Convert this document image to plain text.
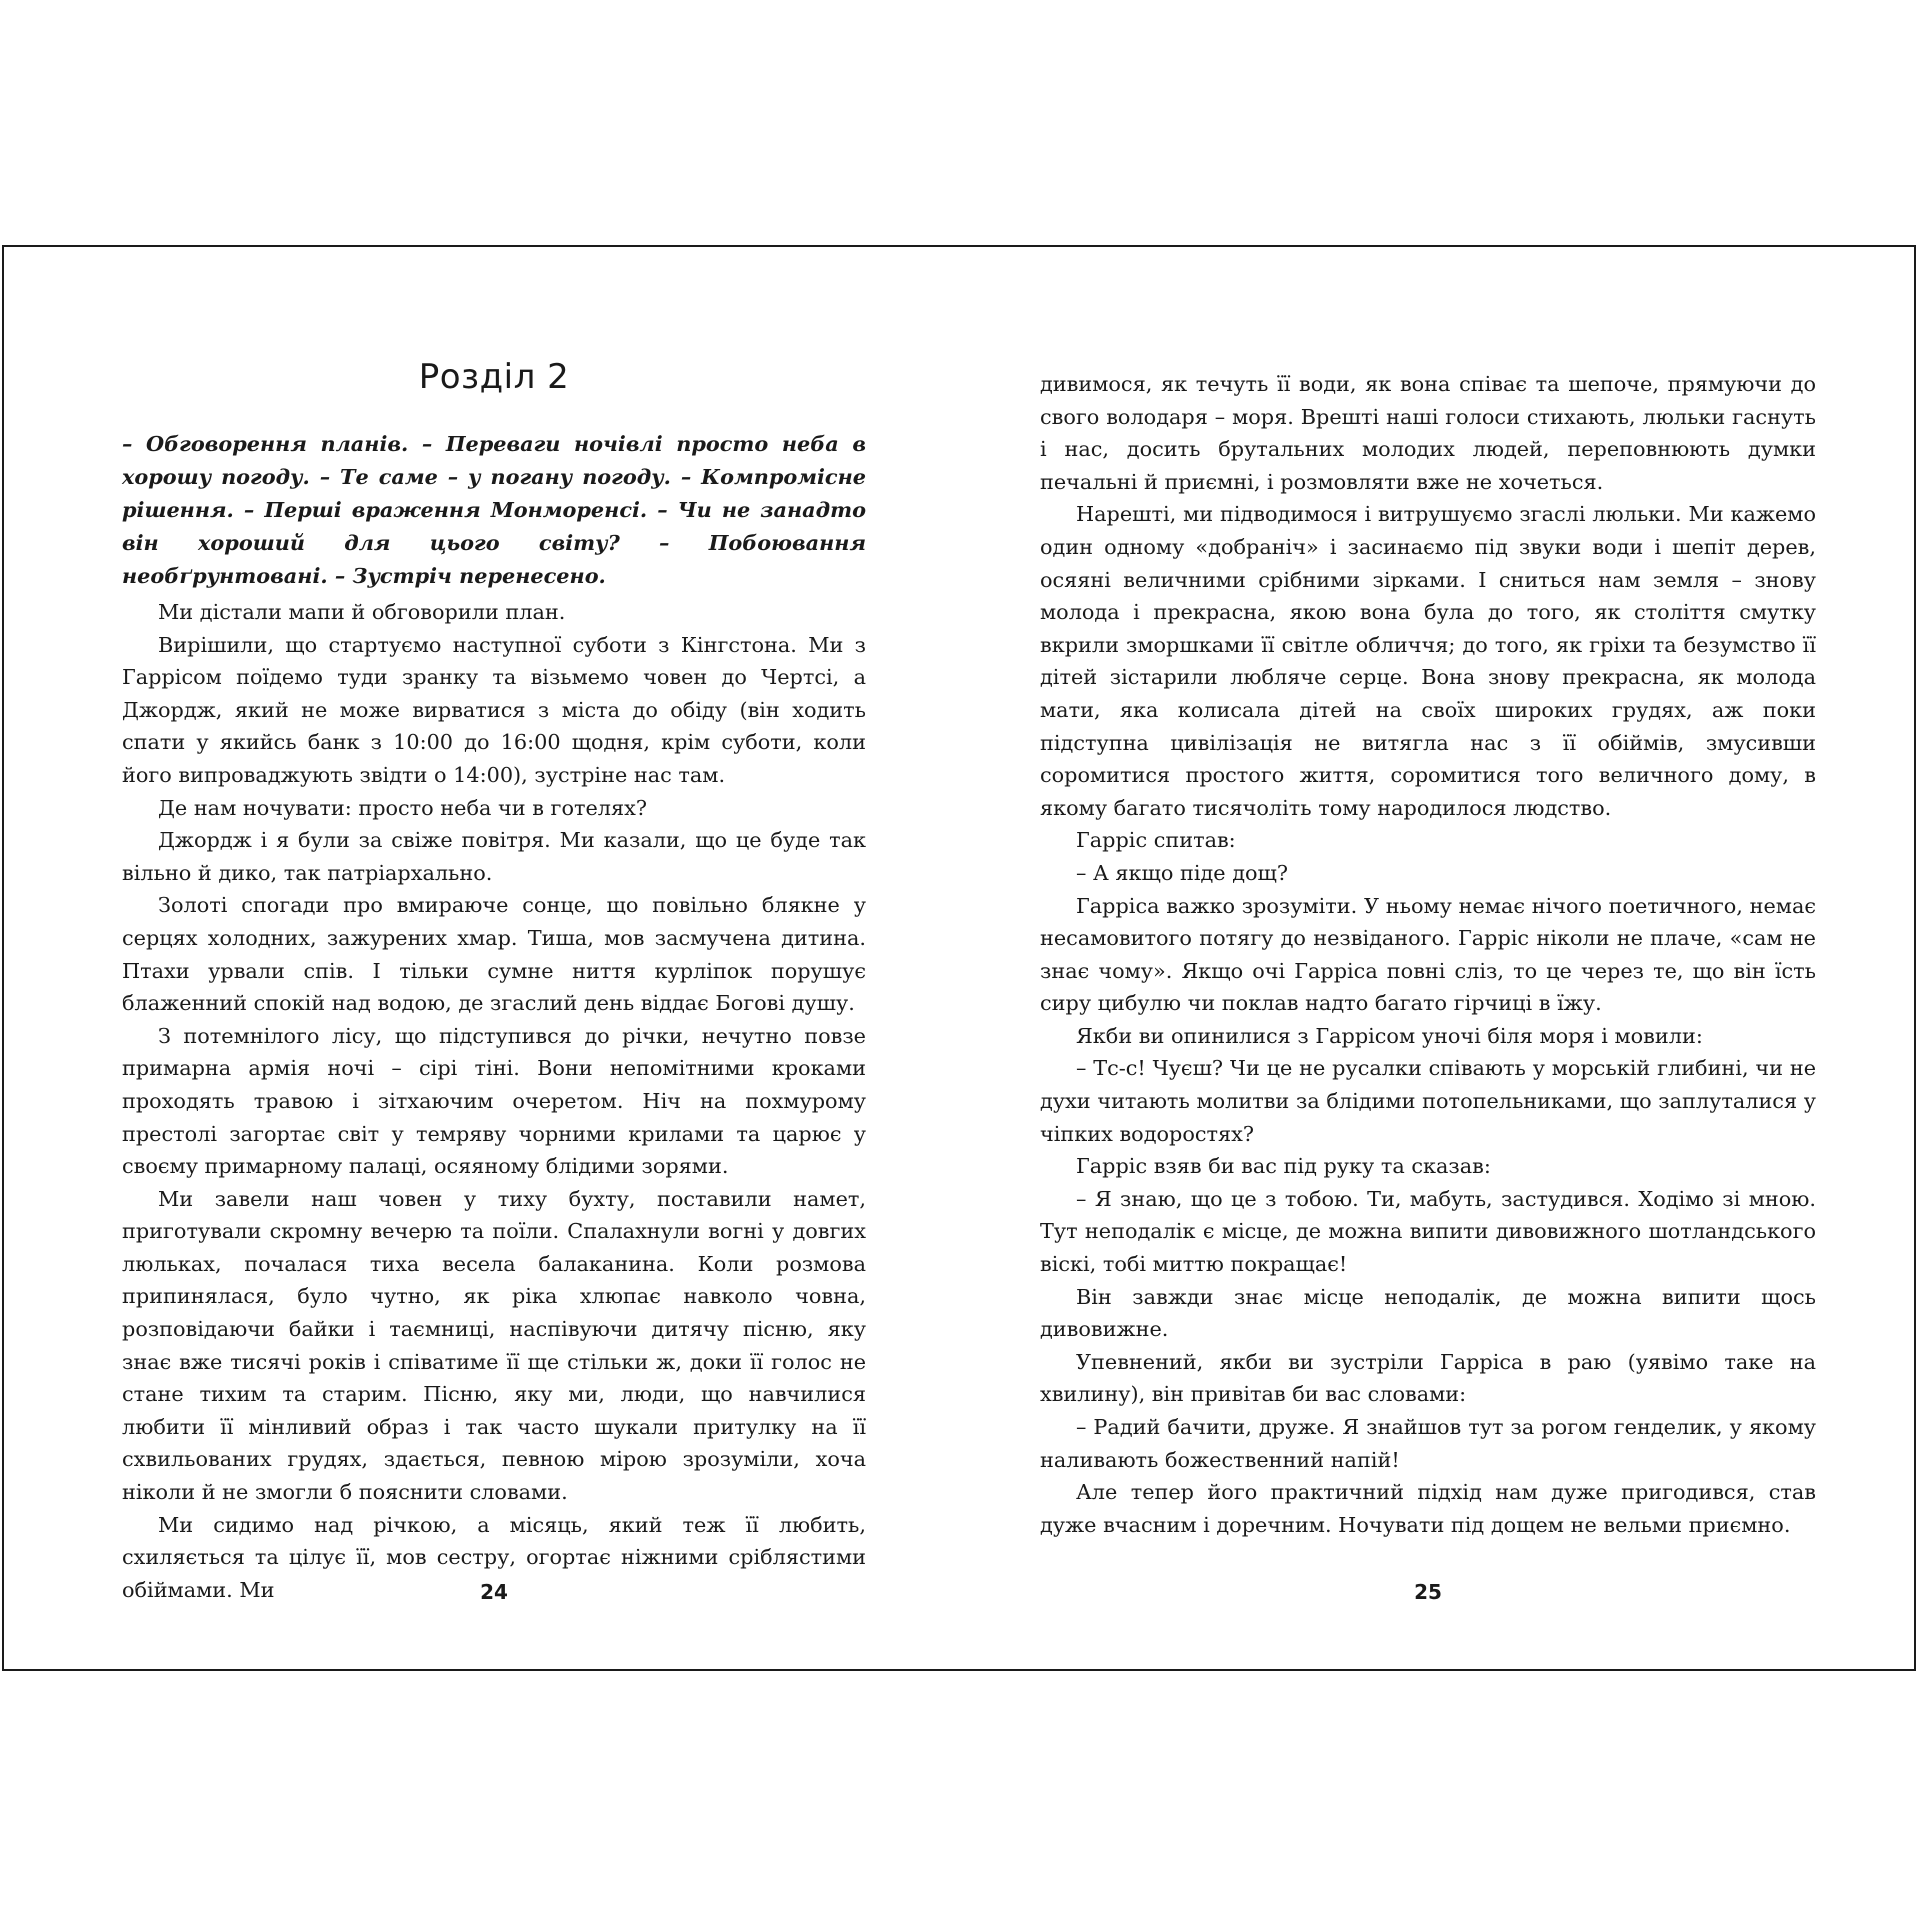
Розділ 2

– Обговорення планів. – Переваги ночівлі просто неба в хорошу погоду. – Те саме – у погану погоду. – Компромісне рішення. – Перші враження Монморенсі. – Чи не занадто він хороший для цього світу? – Побоювання необґрунтовані. – Зустріч перенесено.

Ми дістали мапи й обговорили план.

Вирішили, що стартуємо наступної суботи з Кінгстона. Ми з Гаррісом поїдемо туди зранку та візьмемо човен до Чертсі, а Джордж, який не може вирватися з міста до обіду (він ходить спати у якийсь банк з 10:00 до 16:00 щодня, крім суботи, коли його випроваджують звідти о 14:00), зустріне нас там.

Де нам ночувати: просто неба чи в готелях?

Джордж і я були за свіже повітря. Ми казали, що це буде так вільно й дико, так патріархально.

Золоті спогади про вмираюче сонце, що повільно блякне у серцях холодних, зажурених хмар. Тиша, мов засмучена дитина. Птахи урвали спів. І тільки сумне ниття курліпок порушує блаженний спокій над водою, де згаслий день віддає Богові душу.

З потемнілого лісу, що підступився до річки, нечутно повзе примарна армія ночі – сірі тіні. Вони непомітними кроками проходять травою і зітхаючим очеретом. Ніч на похмурому престолі загортає світ у темряву чорними крилами та царює у своєму примарному палаці, осяяному блідими зорями.

Ми завели наш човен у тиху бухту, поставили намет, приготували скромну вечерю та поїли. Спалахнули вогні у довгих люльках, почалася тиха весела балаканина. Коли розмова припинялася, було чутно, як ріка хлюпає навколо човна, розповідаючи байки і таємниці, наспівуючи дитячу пісню, яку знає вже тисячі років і співатиме її ще стільки ж, доки її голос не стане тихим та старим. Пісню, яку ми, люди, що навчилися любити її мінливий образ і так часто шукали притулку на її схвильованих грудях, здається, певною мірою зрозуміли, хоча ніколи й не змогли б пояснити словами.

Ми сидимо над річкою, а місяць, який теж її любить, схиляється та цілує її, мов сестру, огортає ніжними сріблястими обіймами. Ми	24

дивимося, як течуть її води, як вона співає та шепоче, прямуючи до свого володаря – моря. Врешті наші голоси стихають, люльки гаснуть і нас, досить брутальних молодих людей, переповнюють думки печальні й приємні, і розмовляти вже не хочеться.

Нарешті, ми підводимося і витрушуємо згаслі люльки. Ми кажемо один одному «добраніч» і засинаємо під звуки води і шепіт дерев, осяяні величними срібними зірками. І сниться нам земля – знову молода і прекрасна, якою вона була до того, як століття смутку вкрили зморшками її світле обличчя; до того, як гріхи та безумство її дітей зістарили любляче серце. Вона знову прекрасна, як молода мати, яка колисала дітей на своїх широких грудях, аж поки підступна цивілізація не витягла нас з її обіймів, змусивши соромитися простого життя, соромитися того величного дому, в якому багато тисячоліть тому народилося людство.

Гарріс спитав:

– А якщо піде дощ?

Гарріса важко зрозуміти. У ньому немає нічого поетичного, немає несамовитого потягу до незвіданого. Гарріс ніколи не плаче, «сам не знає чому». Якщо очі Гарріса повні сліз, то це через те, що він їсть сиру цибулю чи поклав надто багато гірчиці в їжу.

Якби ви опинилися з Гаррісом уночі біля моря і мовили:

– Тс-с! Чуєш? Чи це не русалки співають у морській глибині, чи не духи читають молитви за блідими потопельниками, що заплуталися у чіпких водоростях?

Гарріс взяв би вас під руку та сказав:

– Я знаю, що це з тобою. Ти, мабуть, застудився. Ходімо зі мною. Тут неподалік є місце, де можна випити дивовижного шотландського віскі, тобі миттю покращає!

Він завжди знає місце неподалік, де можна випити щось дивовижне.

Упевнений, якби ви зустріли Гарріса в раю (уявімо таке на хвилину), він привітав би вас словами:

– Радий бачити, друже. Я знайшов тут за рогом генделик, у якому наливають божественний напій!

Але тепер його практичний підхід нам дуже пригодився, став дуже вчасним і доречним. Ночувати під дощем не вельми приємно.

25
